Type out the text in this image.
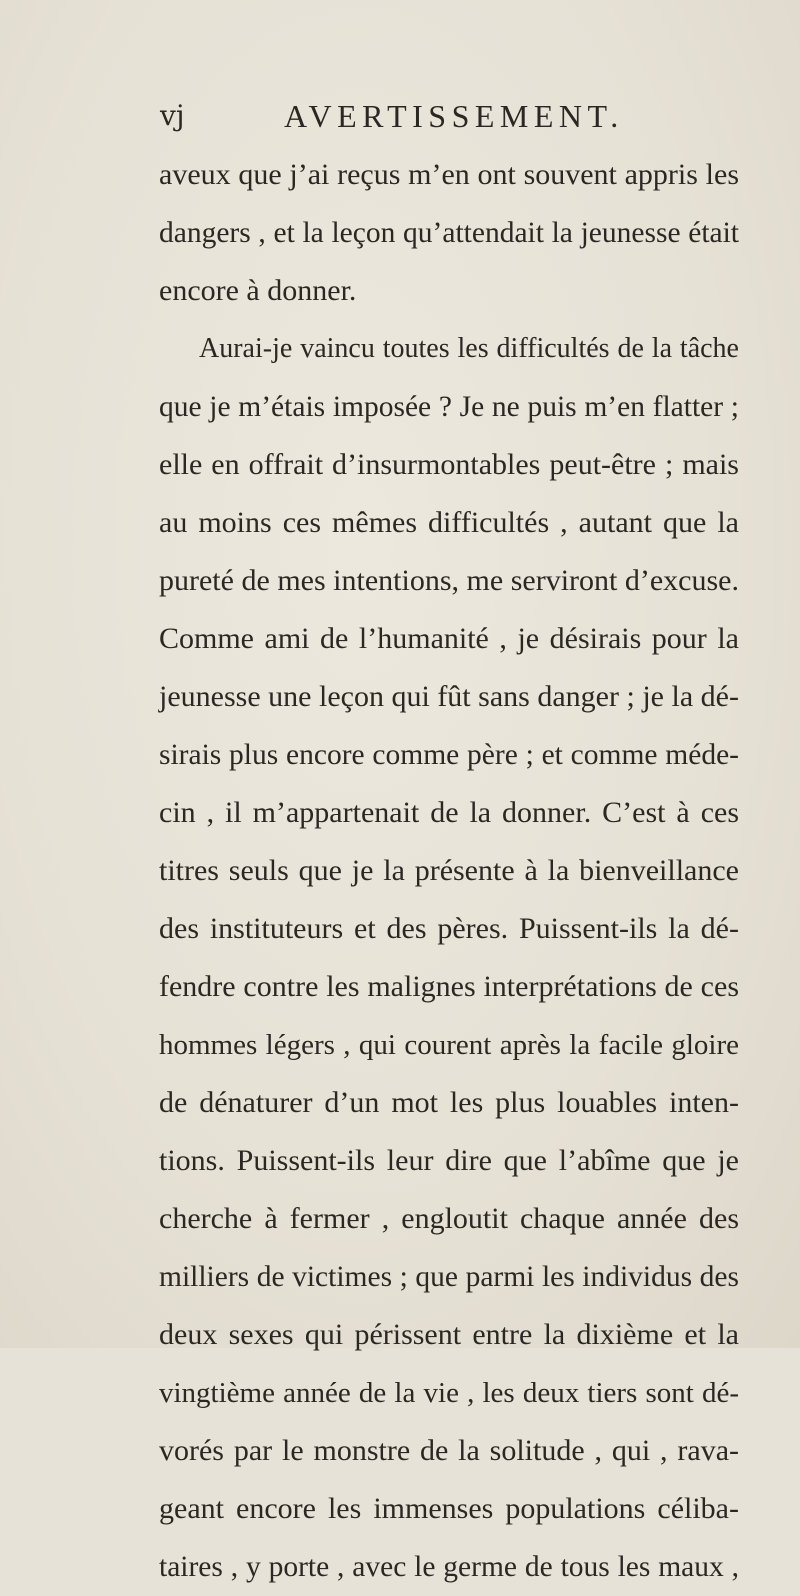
vj	AVERTISSEMENT.
aveux que j’ai reçus m’en ont souvent appris les
dangers , et la leçon qu’attendait la jeunesse était
encore à donner.
Aurai-je vaincu toutes les difficultés de la tâche
que je m’étais imposée ? Je ne puis m’en flatter ;
elle en offrait d’insurmontables peut-être ; mais
au moins ces mêmes difficultés , autant que la
pureté de mes intentions, me serviront d’excuse.
Comme ami de l’humanité , je désirais pour la
jeunesse une leçon qui fût sans danger ; je la dé-
sirais plus encore comme père ; et comme méde-
cin , il m’appartenait de la donner. C’est à ces
titres seuls que je la présente à la bienveillance
des instituteurs et des pères. Puissent-ils la dé-
fendre contre les malignes interprétations de ces
hommes légers , qui courent après la facile gloire
de dénaturer d’un mot les plus louables inten-
tions. Puissent-ils leur dire que l’abîme que je
cherche à fermer , engloutit chaque année des
milliers de victimes ; que parmi les individus des
deux sexes qui périssent entre la dixième et la
vingtième année de la vie , les deux tiers sont dé-
vorés par le monstre de la solitude , qui , rava-
geant encore les immenses populations céliba-
taires , y porte , avec le germe de tous les maux ,
